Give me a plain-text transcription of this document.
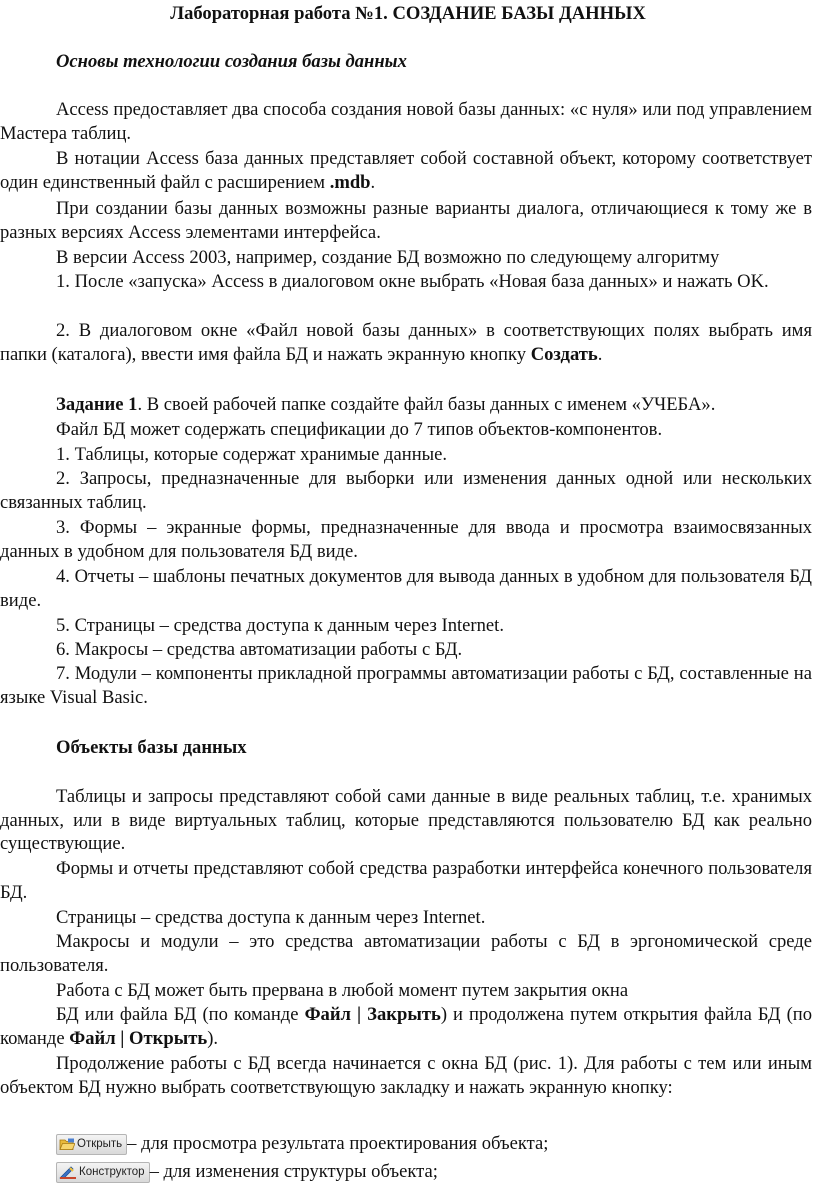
Лабораторная работа №1. СОЗДАНИЕ БАЗЫ ДАННЫХ
Основы технологии создания базы данных

Access предоставляет два способа создания новой базы данных: «с нуля» или под управлением Мастера таблиц.

В нотации Access база данных представляет собой составной объект, которому соответствует один единственный файл с расширением .mdb.

При создании базы данных возможны разные варианты диалога, отличающиеся к тому же в разных версиях Access элементами интерфейса.

В версии Access 2003, например, создание БД возможно по следующему алгоритму

1. После «запуска» Access в диалоговом окне выбрать «Новая база данных» и нажать OK.

2. В диалоговом окне «Файл новой базы данных» в соответствующих полях выбрать имя папки (каталога), ввести имя файла БД и нажать экранную кнопку Создать.

Задание 1. В своей рабочей папке создайте файл базы данных с именем «УЧЕБА».

Файл БД может содержать спецификации до 7 типов объектов-компонентов.

1. Таблицы, которые содержат хранимые данные.

2. Запросы, предназначенные для выборки или изменения данных одной или нескольких связанных таблиц.

3. Формы – экранные формы, предназначенные для ввода и просмотра взаимосвязанных данных в удобном для пользователя БД виде.

4. Отчеты – шаблоны печатных документов для вывода данных в удобном для пользователя БД виде.

5. Страницы – средства доступа к данным через Internet.

6. Макросы – средства автоматизации работы с БД.

7. Модули – компоненты прикладной программы автоматизации работы с БД, составленные на языке Visual Basic.

Объекты базы данных

Таблицы и запросы представляют собой сами данные в виде реальных таблиц, т.е. хранимых данных, или в виде виртуальных таблиц, которые представляются пользователю БД как реально существующие.

Формы и отчеты представляют собой средства разработки интерфейса конечного пользователя БД.

Страницы – средства доступа к данным через Internet.

Макросы и модули – это средства автоматизации работы с БД в эргономической среде пользователя.

Работа с БД может быть прервана в любой момент путем закрытия окна

БД или файла БД (по команде Файл | Закрыть) и продолжена путем открытия файла БД (по команде Файл | Открыть).

Продолжение работы с БД всегда начинается с окна БД (рис. 1). Для работы с тем или иным объектом БД нужно выбрать соответствующую закладку и нажать экранную кнопку:

Открыть – для просмотра результата проектирования объекта;
Конструктор – для изменения структуры объекта;
